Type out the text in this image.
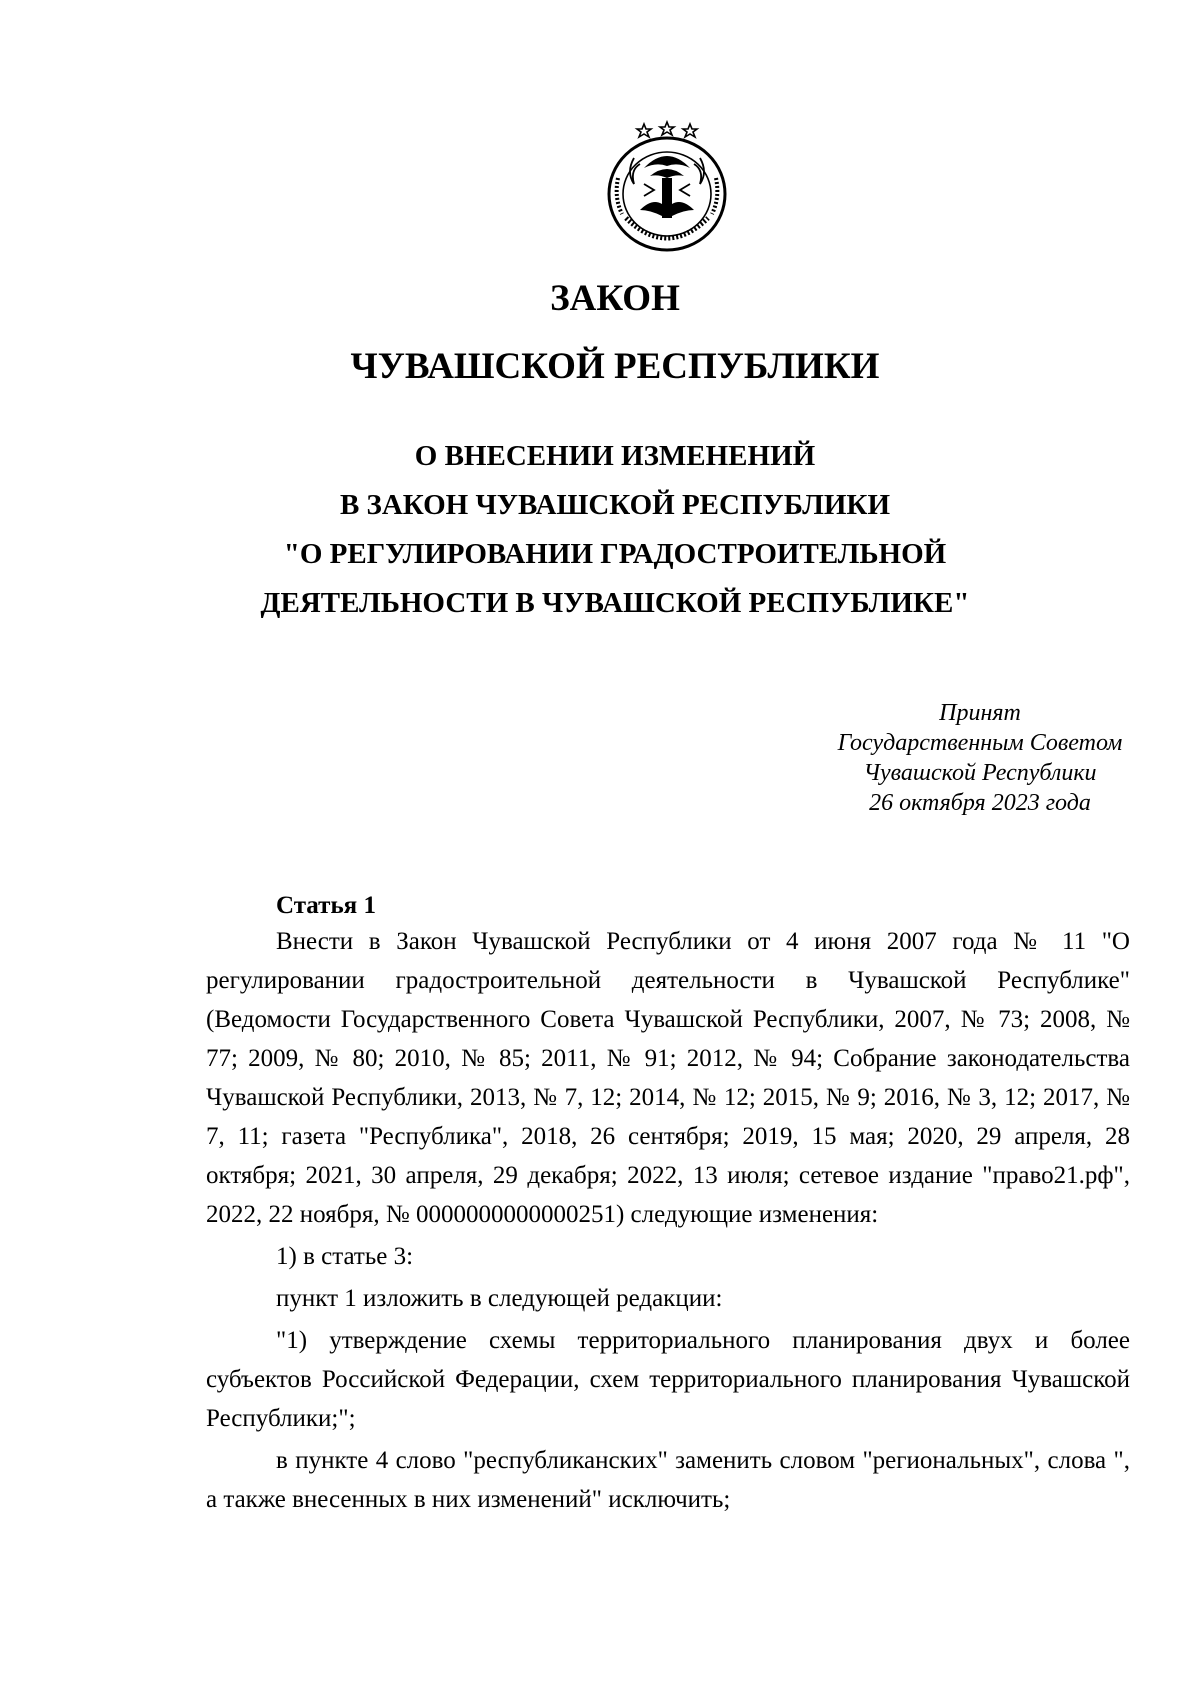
ЗАКОН
ЧУВАШСКОЙ РЕСПУБЛИКИ
О ВНЕСЕНИИ ИЗМЕНЕНИЙ
В ЗАКОН ЧУВАШСКОЙ РЕСПУБЛИКИ
"О РЕГУЛИРОВАНИИ ГРАДОСТРОИТЕЛЬНОЙ
ДЕЯТЕЛЬНОСТИ В ЧУВАШСКОЙ РЕСПУБЛИКЕ"
Принят
Государственным Советом
Чувашской Республики
26 октября 2023 года
Статья 1

Внести в Закон Чувашской Республики от 4 июня 2007 года № 11 "О регулировании градостроительной деятельности в Чувашской Республике" (Ведомости Государственного Совета Чувашской Республики, 2007, № 73; 2008, № 77; 2009, № 80; 2010, № 85; 2011, № 91; 2012, № 94; Собрание законодательства Чувашской Республики, 2013, № 7, 12; 2014, № 12; 2015, № 9; 2016, № 3, 12; 2017, № 7, 11; газета "Республика", 2018, 26 сентября; 2019, 15 мая; 2020, 29 апреля, 28 октября; 2021, 30 апреля, 29 декабря; 2022, 13 июля; сетевое издание "право21.рф", 2022, 22 ноября, № 0000000000000251) следующие изменения:

1) в статье 3:

пункт 1 изложить в следующей редакции:

"1) утверждение схемы территориального планирования двух и более субъектов Российской Федерации, схем территориального планирования Чувашской Республики;";

в пункте 4 слово "республиканских" заменить словом "региональных", слова ", а также внесенных в них изменений" исключить;
